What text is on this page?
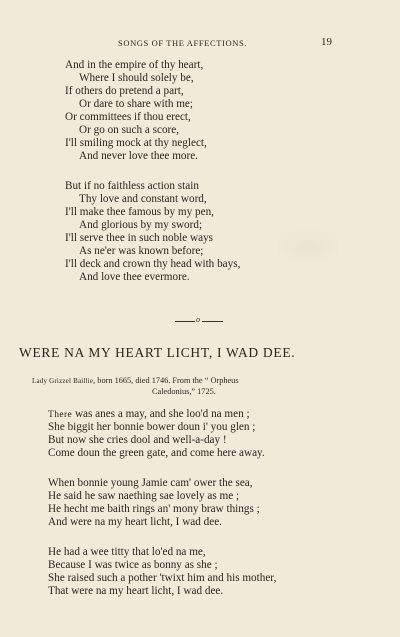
SONGS OF THE AFFECTIONS.	19
And in the empire of thy heart,
Where I should solely be,
If others do pretend a part,
Or dare to share with me;
Or committees if thou erect,
Or go on such a score,
I'll smiling mock at thy neglect,
And never love thee more.
But if no faithless action stain
Thy love and constant word,
I'll make thee famous by my pen,
And glorious by my sword;
I'll serve thee in such noble ways
As ne'er was known before;
I'll deck and crown thy head with bays,
And love thee evermore.
o
WERE NA MY HEART LICHT, I WAD DEE.
Lady Grizzel Baillie, born 1665, died 1746. From the “ Orpheus
Caledonius,” 1725.
There was anes a may, and she loo'd na men ;
She biggit her bonnie bower doun i' you glen ;
But now she cries dool and well-a-day !
Come doun the green gate, and come here away.
When bonnie young Jamie cam' ower the sea,
He said he saw naething sae lovely as me ;
He hecht me baith rings an' mony braw things ;
And were na my heart licht, I wad dee.
He had a wee titty that lo'ed na me,
Because I was twice as bonny as she ;
She raised such a pother 'twixt him and his mother,
That were na my heart licht, I wad dee.
